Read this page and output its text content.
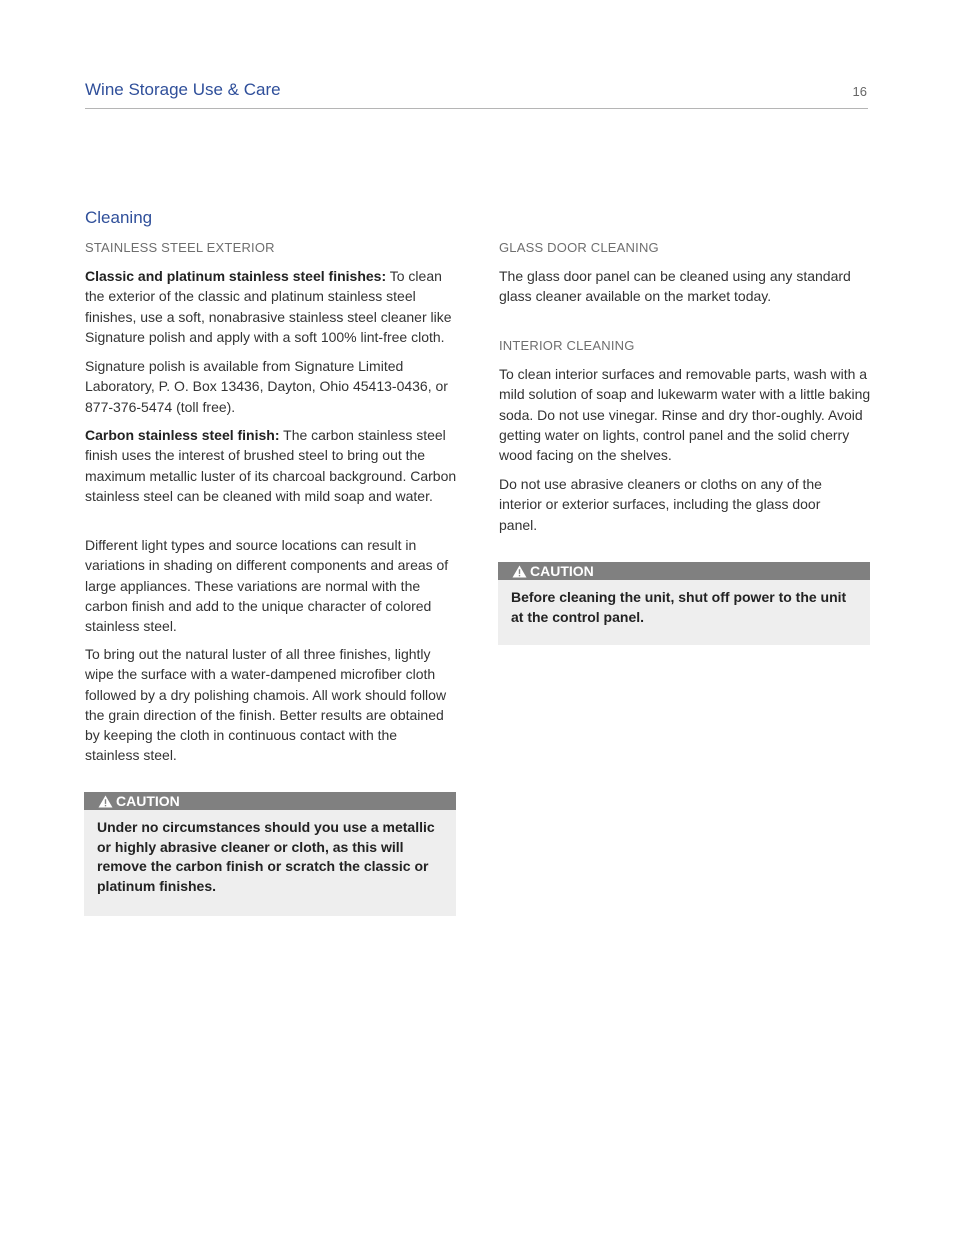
Wine Storage Use & Care	16
Cleaning
STAINLESS STEEL EXTERIOR

Classic and platinum stainless steel finishes: To clean the exterior of the classic and platinum stainless steel finishes, use a soft, nonabrasive stainless steel cleaner like Signature polish and apply with a soft 100% lint-free cloth.

Signature polish is available from Signature Limited Laboratory, P. O. Box 13436, Dayton, Ohio 45413-0436, or 877-376-5474 (toll free).

Carbon stainless steel finish: The carbon stainless steel finish uses the interest of brushed steel to bring out the maximum metallic luster of its charcoal background. Carbon stainless steel can be cleaned with mild soap and water.

Different light types and source locations can result in variations in shading on different components and areas of large appliances. These variations are normal with the carbon finish and add to the unique character of colored stainless steel.

To bring out the natural luster of all three finishes, lightly wipe the surface with a water-dampened microfiber cloth followed by a dry polishing chamois. All work should follow the grain direction of the finish. Better results are obtained by keeping the cloth in continuous contact with the stainless steel.

CAUTION

Under no circumstances should you use a metallic or highly abrasive cleaner or cloth, as this will remove the carbon finish or scratch the classic or platinum finishes.

GLASS DOOR CLEANING

The glass door panel can be cleaned using any standard glass cleaner available on the market today.

INTERIOR CLEANING

To clean interior surfaces and removable parts, wash with a mild solution of soap and lukewarm water with a little baking soda. Do not use vinegar. Rinse and dry thor-oughly. Avoid getting water on lights, control panel and the solid cherry wood facing on the shelves.

Do not use abrasive cleaners or cloths on any of the interior or exterior surfaces, including the glass door panel.

CAUTION

Before cleaning the unit, shut off power to the unit at the control panel.
